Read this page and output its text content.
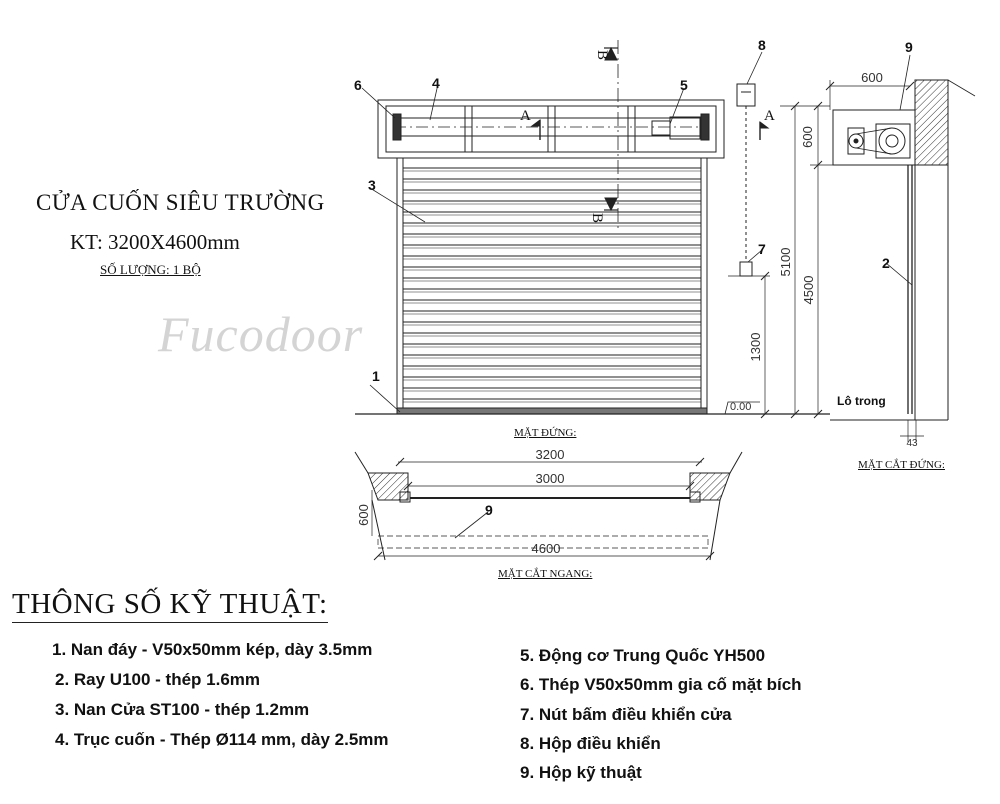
1
2
3
4	5
6
7
8	9
9
A	A
B
B
3200
3000
4600
600
600
600
5100
4500
1300
0.00
43
Lô trong
Fucodoor
CỬA CUỐN SIÊU TRƯỜNG
KT: 3200X4600mm
SỐ LƯỢNG: 1 BỘ
MẶT ĐỨNG:
MẶT CẮT NGANG:
MẶT CẮT ĐỨNG:
THÔNG SỐ KỸ THUẬT:
1. Nan đáy - V50x50mm kép, dày 3.5mm
2. Ray U100 - thép 1.6mm
3. Nan Cửa ST100 - thép 1.2mm
4. Trục cuốn - Thép Ø114 mm, dày 2.5mm
5. Động cơ Trung Quốc YH500
6. Thép V50x50mm gia cố mặt bích
7. Nút bấm điều khiển cửa
8. Hộp điều khiển
9. Hộp kỹ thuật
